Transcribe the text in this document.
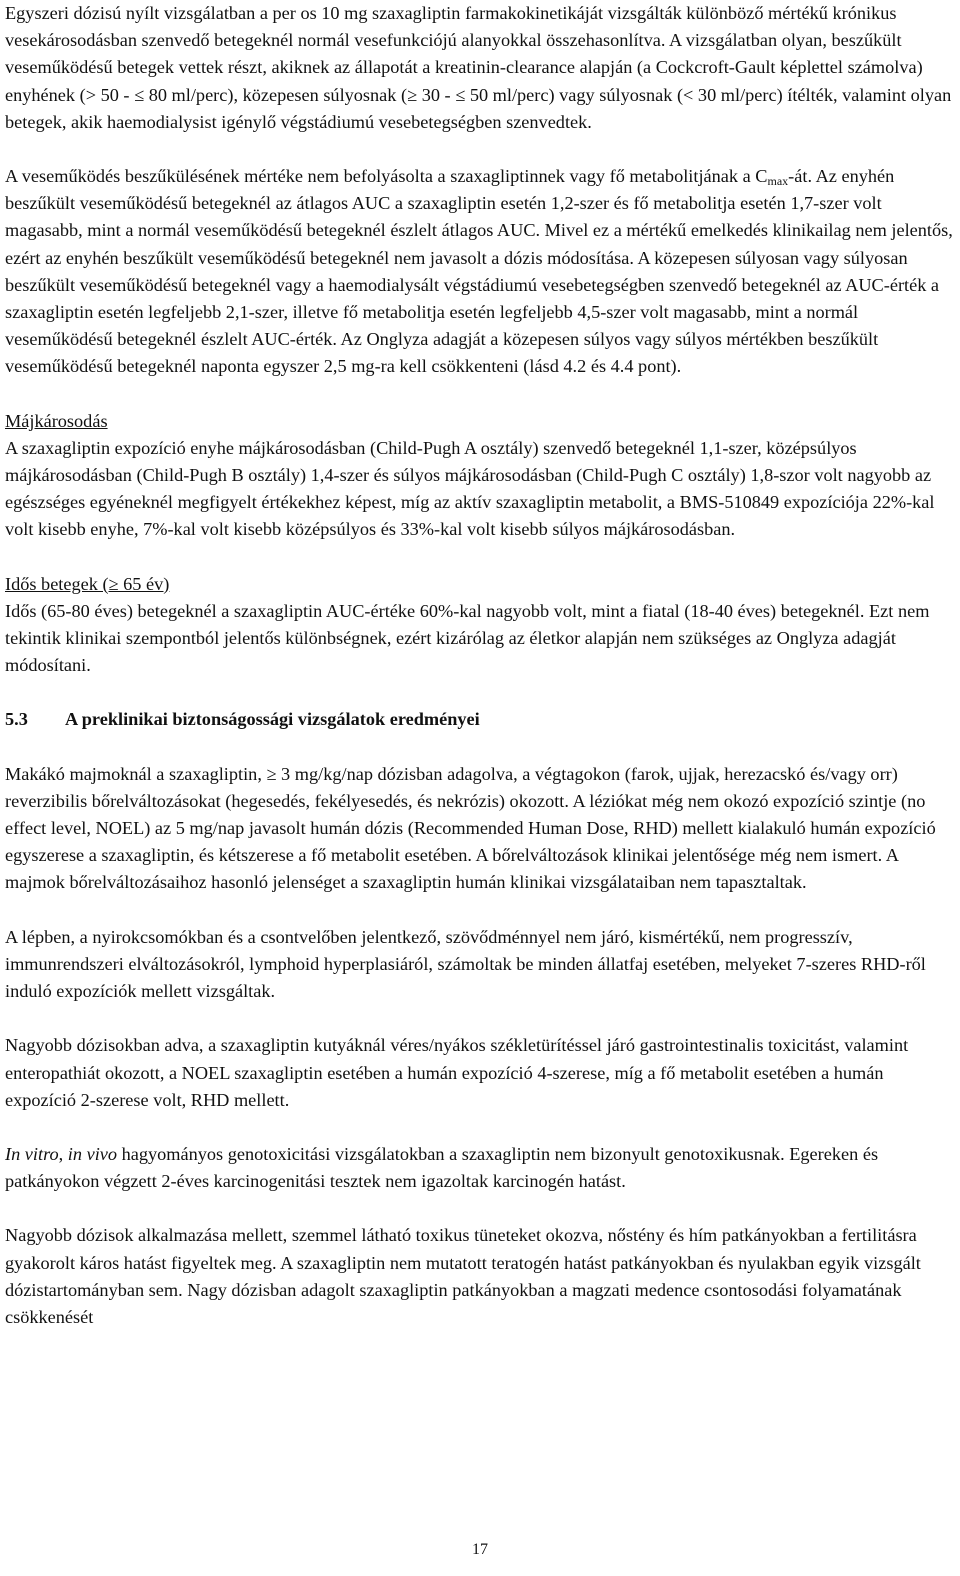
Egyszeri dózisú nyílt vizsgálatban a per os 10 mg szaxagliptin farmakokinetikáját vizsgálták különböző mértékű krónikus vesekárosodásban szenvedő betegeknél normál vesefunkciójú alanyokkal összehasonlítva. A vizsgálatban olyan, beszűkült veseműködésű betegek vettek részt, akiknek az állapotát a kreatinin-clearance alapján (a Cockcroft-Gault képlettel számolva) enyhének (> 50 - ≤ 80 ml/perc), közepesen súlyosnak (≥ 30 - ≤ 50 ml/perc) vagy súlyosnak (< 30 ml/perc) ítélték, valamint olyan betegek, akik haemodialysist igénylő végstádiumú vesebetegségben szenvedtek.

A veseműködés beszűkülésének mértéke nem befolyásolta a szaxagliptinnek vagy fő metabolitjának a $C_{max}-át$. Az enyhén beszűkült veseműködésű betegeknél az átlagos AUC a szaxagliptin esetén 1,2-szer és fő metabolitja esetén 1,7-szer volt magasabb, mint a normál veseműködésű betegeknél észlelt átlagos AUC. Mivel ez a mértékű emelkedés klinikailag nem jelentős, ezért az enyhén beszűkült veseműködésű betegeknél nem javasolt a dózis módosítása. A közepesen súlyosan vagy súlyosan beszűkült veseműködésű betegeknél vagy a haemodialysált végstádiumú vesebetegségben szenvedő betegeknél az AUC-érték a szaxagliptin esetén legfeljebb 2,1-szer, illetve fő metabolitja esetén legfeljebb 4,5-szer volt magasabb, mint a normál veseműködésű betegeknél észlelt AUC-érték. Az Onglyza adagját a közepesen súlyos vagy súlyos mértékben beszűkült veseműködésű betegeknél naponta egyszer 2,5 mg-ra kell csökkenteni (lásd 4.2 és 4.4 pont).

Májkárosodás

A szaxagliptin expozíció enyhe májkárosodásban (Child-Pugh A osztály) szenvedő betegeknél 1,1-szer, középsúlyos májkárosodásban (Child-Pugh B osztály) 1,4-szer és súlyos májkárosodásban (Child-Pugh C osztály) 1,8-szor volt nagyobb az egészséges egyéneknél megfigyelt értékekhez képest, míg az aktív szaxagliptin metabolit, a BMS-510849 expozíciója 22%-kal volt kisebb enyhe, 7%-kal volt kisebb középsúlyos és 33%-kal volt kisebb súlyos májkárosodásban.

Idős betegek (≥ 65 év)

Idős (65-80 éves) betegeknél a szaxagliptin AUC-értéke 60%-kal nagyobb volt, mint a fiatal (18-40 éves) betegeknél. Ezt nem tekintik klinikai szempontból jelentős különbségnek, ezért kizárólag az életkor alapján nem szükséges az Onglyza adagját módosítani.

5.3 A preklinikai biztonságossági vizsgálatok eredményei

Makákó majmoknál a szaxagliptin, ≥ 3 mg/kg/nap dózisban adagolva, a végtagokon (farok, ujjak, herezacskó és/vagy orr) reverzibilis bőrelváltozásokat (hegesedés, fekélyesedés, és nekrózis) okozott. A léziókat még nem okozó expozíció szintje (no effect level, NOEL) az 5 mg/nap javasolt humán dózis (Recommended Human Dose, RHD) mellett kialakuló humán expozíció egyszerese a szaxagliptin, és kétszerese a fő metabolit esetében. A bőrelváltozások klinikai jelentősége még nem ismert. A majmok bőrelváltozásaihoz hasonló jelenséget a szaxagliptin humán klinikai vizsgálataiban nem tapasztaltak.

A lépben, a nyirokcsomókban és a csontvelőben jelentkező, szövődménnyel nem járó, kismértékű, nem progresszív, immunrendszeri elváltozásokról, lymphoid hyperplasiáról, számoltak be minden állatfaj esetében, melyeket 7-szeres RHD-ről induló expozíciók mellett vizsgáltak.

Nagyobb dózisokban adva, a szaxagliptin kutyáknál véres/nyákos székletürítéssel járó gastrointestinalis toxicitást, valamint enteropathiát okozott, a NOEL szaxagliptin esetében a humán expozíció 4-szerese, míg a fő metabolit esetében a humán expozíció 2-szerese volt, RHD mellett.

In vitro, in vivo hagyományos genotoxicitási vizsgálatokban a szaxagliptin nem bizonyult genotoxikusnak. Egereken és patkányokon végzett 2-éves karcinogenitási tesztek nem igazoltak karcinogén hatást.

Nagyobb dózisok alkalmazása mellett, szemmel látható toxikus tüneteket okozva, nőstény és hím patkányokban a fertilitásra gyakorolt káros hatást figyeltek meg. A szaxagliptin nem mutatott teratogén hatást patkányokban és nyulakban egyik vizsgált dózistartományban sem. Nagy dózisban adagolt szaxagliptin patkányokban a magzati medence csontosodási folyamatának csökkenését

17
